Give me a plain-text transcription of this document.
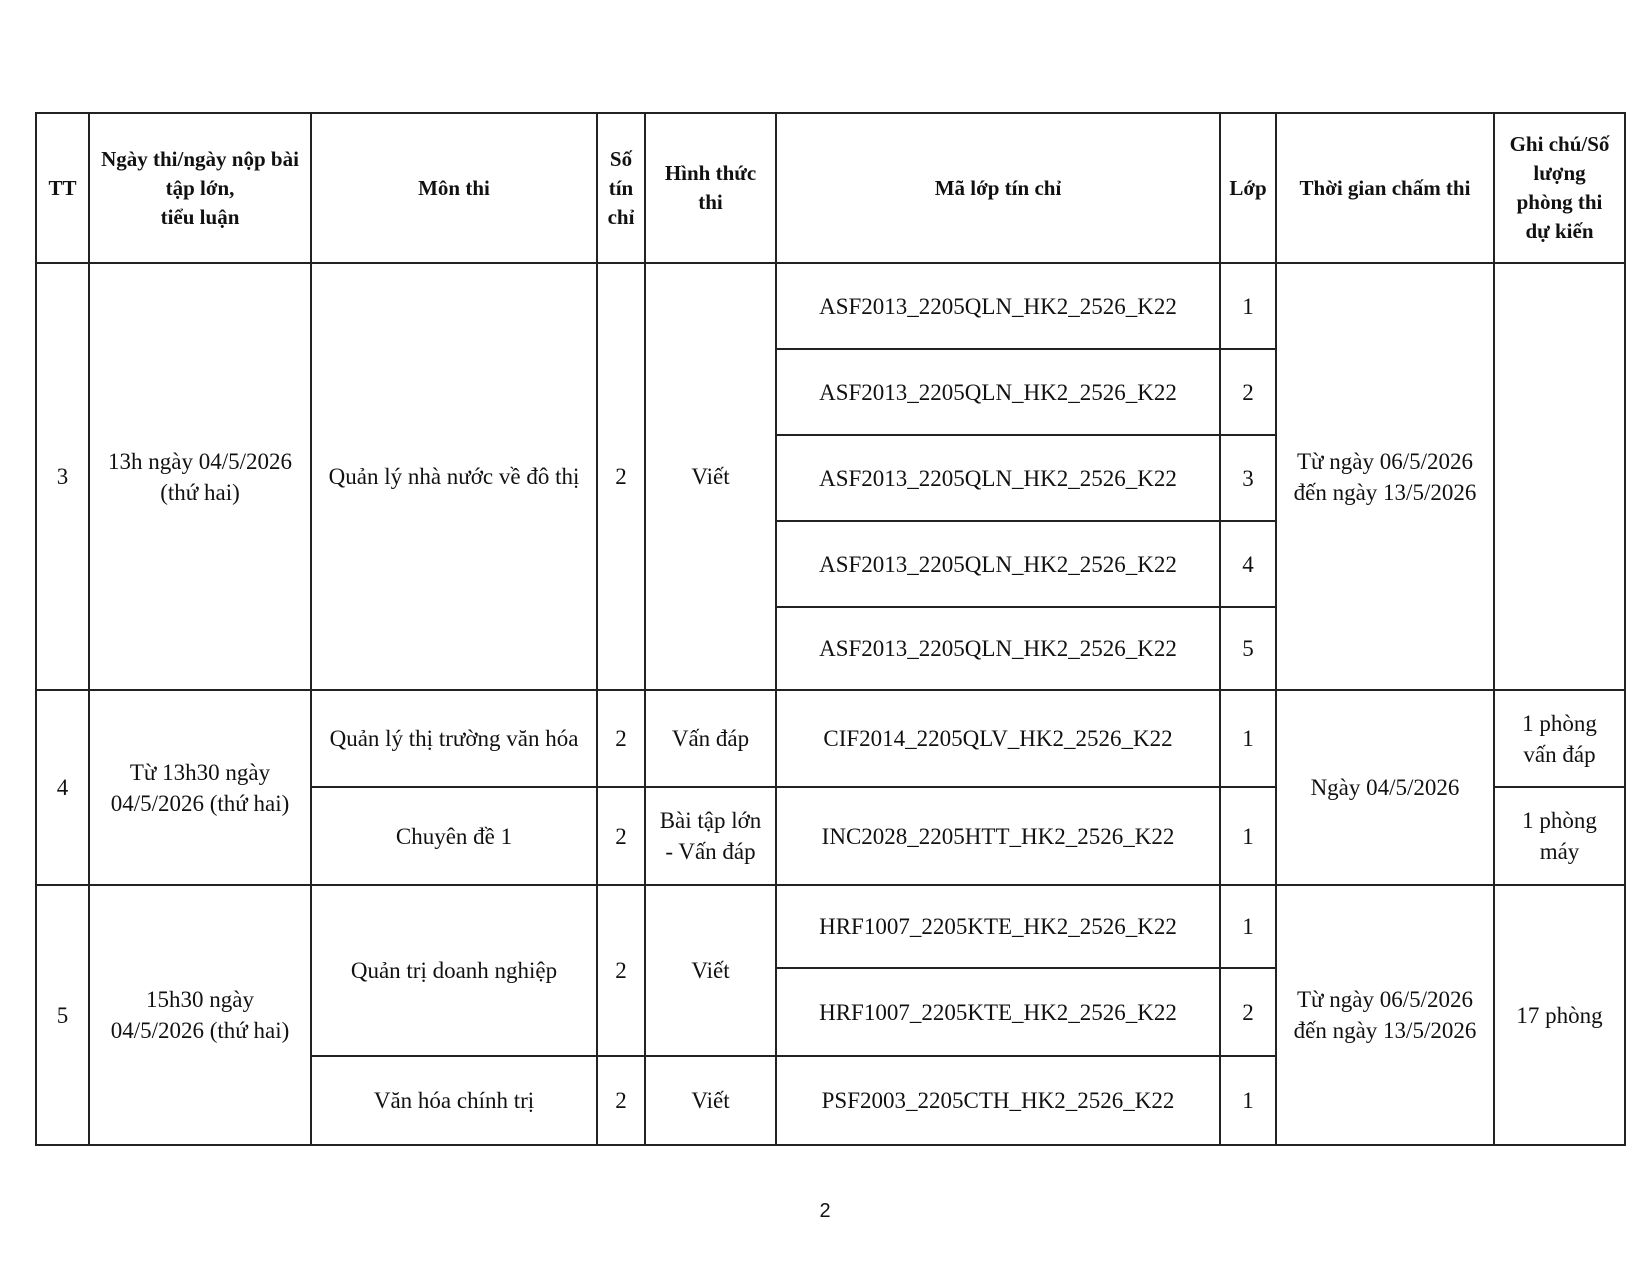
TT	Ngày thi/ngày nộp bài tập lớn,
tiểu luận	Môn thi	Số
tín
chỉ	Hình thức
thi	Mã lớp tín chỉ	Lớp	Thời gian chấm thi	Ghi chú/Số
lượng
phòng thi
dự kiến
3	13h ngày 04/5/2026
(thứ hai)	Quản lý nhà nước về đô thị	2	Viết	ASF2013_2205QLN_HK2_2526_K22	1	Từ ngày 06/5/2026
đến ngày 13/5/2026	
					ASF2013_2205QLN_HK2_2526_K22	2		
					ASF2013_2205QLN_HK2_2526_K22	3		
					ASF2013_2205QLN_HK2_2526_K22	4		
					ASF2013_2205QLN_HK2_2526_K22	5		
4	Từ 13h30 ngày
04/5/2026 (thứ hai)	Quản lý thị trường văn hóa	2	Vấn đáp	CIF2014_2205QLV_HK2_2526_K22	1	Ngày 04/5/2026	1 phòng
vấn đáp
		Chuyên đề 1	2	Bài tập lớn
- Vấn đáp	INC2028_2205HTT_HK2_2526_K22	1		1 phòng
máy
5	15h30 ngày
04/5/2026 (thứ hai)	Quản trị doanh nghiệp	2	Viết	HRF1007_2205KTE_HK2_2526_K22	1	Từ ngày 06/5/2026
đến ngày 13/5/2026	17 phòng
					HRF1007_2205KTE_HK2_2526_K22	2		
		Văn hóa chính trị	2	Viết	PSF2003_2205CTH_HK2_2526_K22	1		
2
